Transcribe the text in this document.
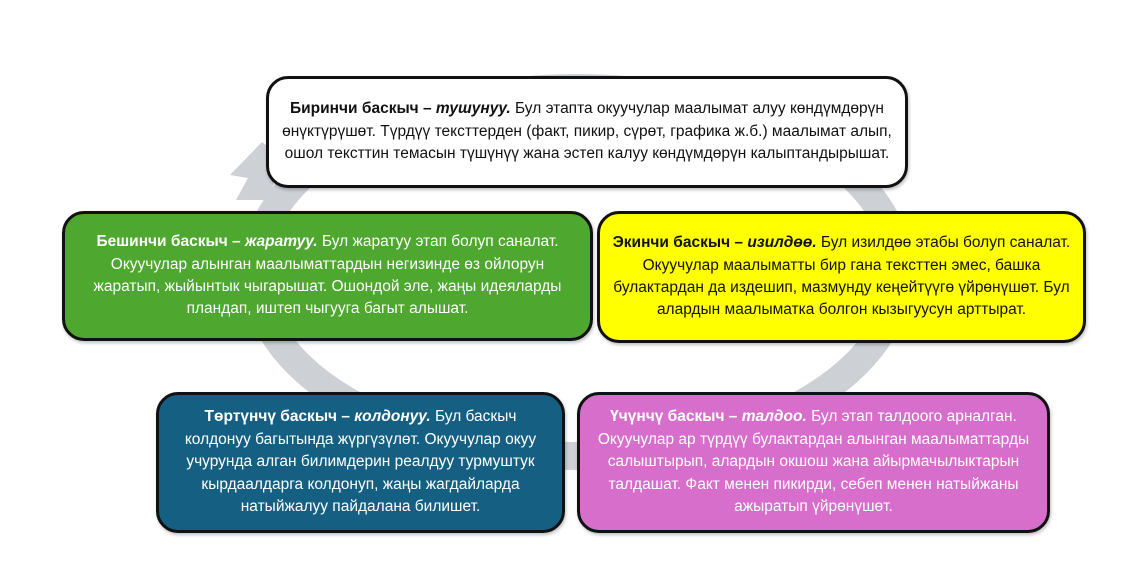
Биринчи баскыч – тушунуу. Бул этапта окуучулар маалымат алуу көндүмдөрүн өнүктүрүшөт. Түрдүү тексттерден (факт, пикир, сүрөт, графика ж.б.) маалымат алып, ошол тексттин темасын түшүнүү жана эстеп калуу көндүмдөрүн калыптандырышат.

Бешинчи баскыч – жаратуу. Бул жаратуу этап болуп саналат. Окуучулар алынган маалыматтардын негизинде өз ойлорун жаратып, жыйынтык чыгарышат. Ошондой эле, жаңы идеяларды пландап, иштеп чыгууга багыт алышат.

Экинчи баскыч – изилдөө. Бул изилдөө этабы болуп саналат. Окуучулар маалыматты бир гана тексттен эмес, башка булактардан да издешип, мазмунду кеңейтүүгө үйрөнүшөт. Бул алардын маалыматка болгон кызыгуусун арттырат.

Төртүнчү баскыч – колдонуу. Бул баскыч колдонуу багытында жүргүзүлөт. Окуучулар окуу учурунда алган билимдерин реалдуу турмуштук кырдаалдарга колдонуп, жаңы жагдайларда натыйжалуу пайдалана билишет.

Үчүнчү баскыч – талдоо. Бул этап талдоого арналган. Окуучулар ар түрдүү булактардан алынган маалыматтарды салыштырып, алардын окшош жана айырмачылыктарын талдашат. Факт менен пикирди, себеп менен натыйжаны ажыратып үйрөнүшөт.
